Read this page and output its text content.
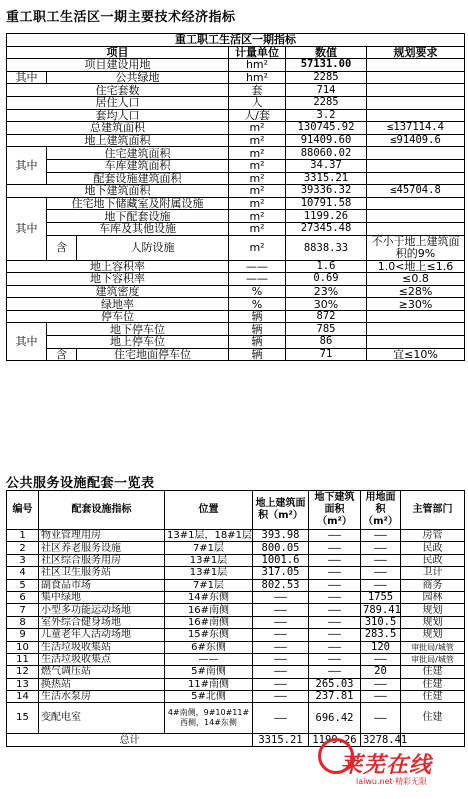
重工职工生活区一期主要技术经济指标
重工职工生活区一期指标					
项目			计量单位	数值	规划要求
项目建设用地			hm²	57131.00	
其中	公共绿地		hm²	2285	
住宅套数			套	714	
居住人口			人	2285	
套均人口			人/套	3.2	
总建筑面积			m²	130745.92	≤137114.4
地上建筑面积			m²	91409.60	≤91409.6
其中	住宅建筑面积		m²	88060.02	
	车库建筑面积		m²	34.37	
	配套设施建筑面积		m²	3315.21	
地下建筑面积			m²	39336.32	≤45704.8
其中	住宅地下储藏室及附属设施		m²	10791.58	
	地下配套设施		m²	1199.26	
	车库及其他设施		m²	27345.48	
	含	人防设施	m²	8838.33	不小于地上建筑面积的9%
地上容积率			——	1.6	1.0<地上≤1.6
地下容积率			——	0.69	≤0.8
建筑密度			%	23%	≤28%
绿地率			%	30%	≥30%
停车位			辆	872	
其中	地下停车位		辆	785	
	地上停车位		辆	86	
	含	住宅地面停车位	辆	71	宜≤10%
公共服务设施配套一览表
编号	配套设施指标	位置	地上建筑面积（m²）	地下建筑面积（m²）	用地面积（m²）	主管部门
1	物业管理用房	13#1层，18#1层	393.98	——	——	房管
2	社区养老服务设施	7#1层	800.05	——	——	民政
3	社区综合服务用房	13#1层	1001.6	——	——	民政
4	社区卫生服务站	13#1层	317.05	——	——	卫计
5	副食品市场	7#1层	802.53	——	——	商务
6	集中绿地	14#东侧	——	——	1755	园林
7	小型多功能运动场地	16#南侧	——	——	789.41	规划
8	室外综合健身场地	16#南侧	——	——	310.5	规划
9	儿童老年人活动场地	15#东侧	——	——	283.5	规划
10	生活垃圾收集站	6#东侧	——	——	120	审批局/城管
11	生活垃圾收集点	——	——	——	——	审批局/城管
12	燃气调压站	5#南侧	——	——	20	住建
13	换热站	11#南侧	——	265.03	——	住建
14	生活水泵房	5#北侧	——	237.81	——	住建
15	变配电室	4#南侧，9#10#11#西侧，14#东侧	——	696.42	——	住建
总计			3315.21	1199.26	3278.41	
莱芜在线
laiwu.net·精彩无限
